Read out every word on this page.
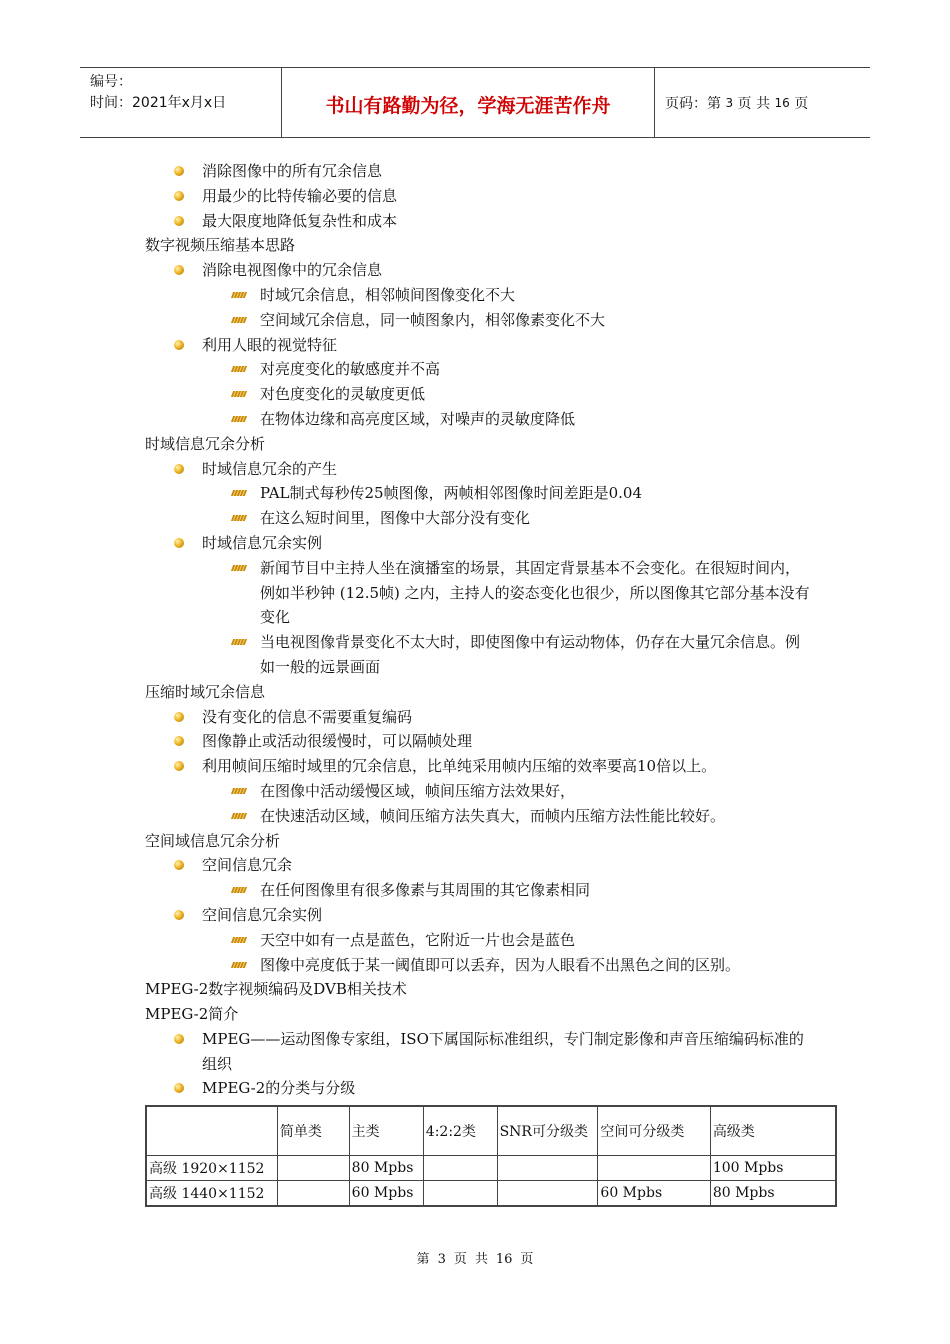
编号：
时间：2021年x月x日	书山有路勤为径，学海无涯苦作舟	页码：第
3
页 共
16
页
消除图像中的所有冗余信息
用最少的比特传输必要的信息
最大限度地降低复杂性和成本
数字视频压缩基本思路
消除电视图像中的冗余信息
时域冗余信息，相邻帧间图像变化不大
空间域冗余信息，同一帧图象内，相邻像素变化不大
利用人眼的视觉特征
对亮度变化的敏感度并不高
对色度变化的灵敏度更低
在物体边缘和高亮度区域，对噪声的灵敏度降低
时域信息冗余分析
时域信息冗余的产生
PAL制式每秒传25帧图像，两帧相邻图像时间差距是0.04
在这么短时间里，图像中大部分没有变化
时域信息冗余实例
新闻节目中主持人坐在演播室的场景，其固定背景基本不会变化。在很短时间内，例如半秒钟 (12.5帧) 之内，主持人的姿态变化也很少，所以图像其它部分基本没有变化
当电视图像背景变化不太大时，即使图像中有运动物体，仍存在大量冗余信息。例如一般的远景画面
压缩时域冗余信息
没有变化的信息不需要重复编码
图像静止或活动很缓慢时，可以隔帧处理
利用帧间压缩时域里的冗余信息，比单纯采用帧内压缩的效率要高10倍以上。
在图像中活动缓慢区域，帧间压缩方法效果好，
在快速活动区域，帧间压缩方法失真大，而帧内压缩方法性能比较好。
空间域信息冗余分析
空间信息冗余
在任何图像里有很多像素与其周围的其它像素相同
空间信息冗余实例
天空中如有一点是蓝色，它附近一片也会是蓝色
图像中亮度低于某一阈值即可以丢弃，因为人眼看不出黑色之间的区别。
MPEG-2数字视频编码及DVB相关技术
MPEG-2简介
MPEG——运动图像专家组，ISO下属国际标准组织，专门制定影像和声音压缩编码标准的组织
MPEG-2的分类与分级
	简单类	主类	4:2:2类	SNR可分级类	空间可分级类	高级类
高级 1920×1152		80 Mpbs				100 Mpbs
高级 1440×1152		60 Mpbs			60 Mpbs	80 Mpbs
第 3 页 共 16 页
